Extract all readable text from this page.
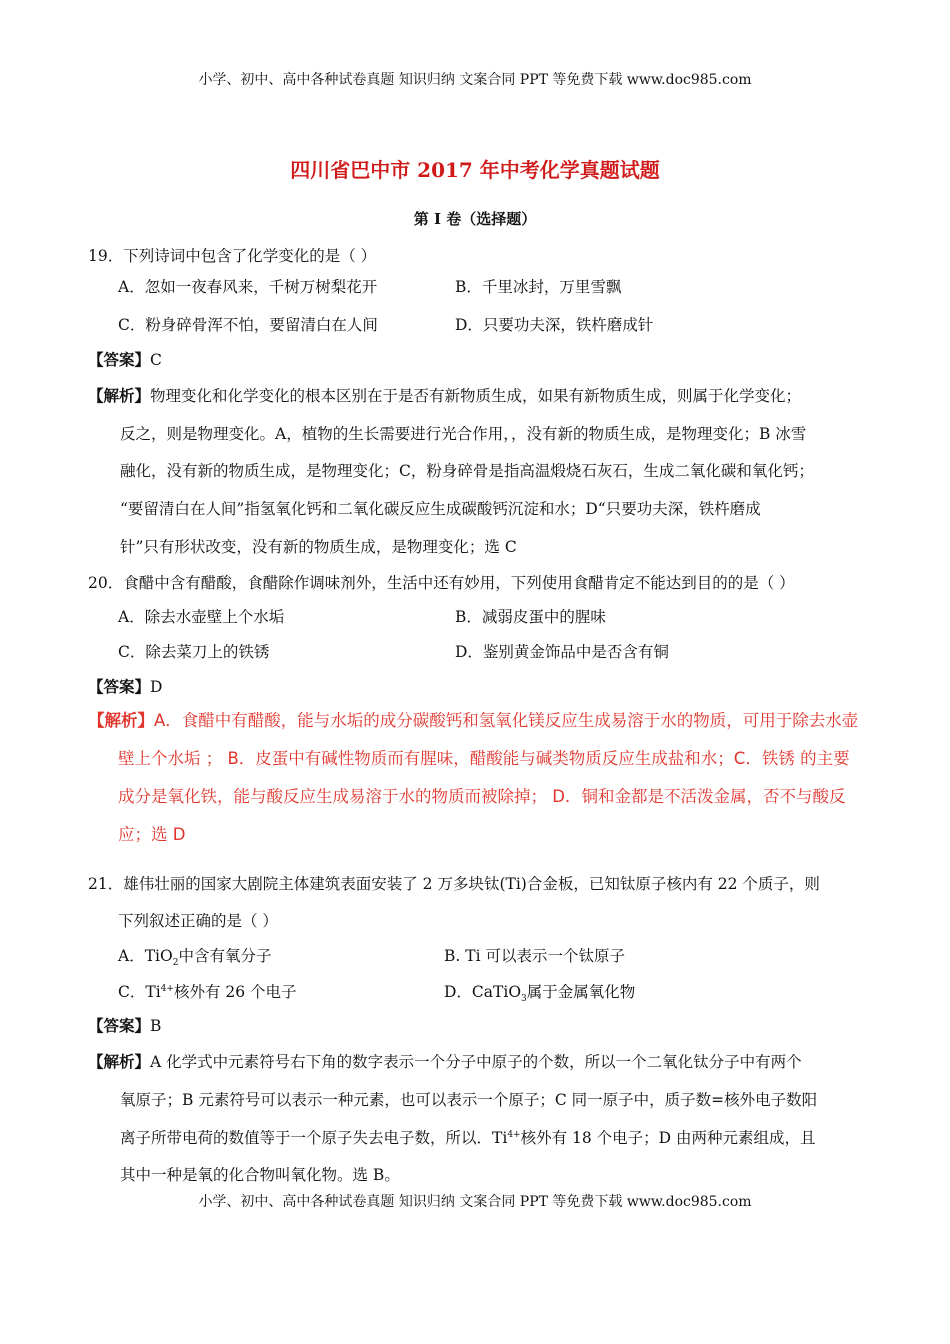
小学、初中、高中各种试卷真题 知识归纳 文案合同 PPT 等免费下载 www.doc985.com
四川省巴中市 2017 年中考化学真题试题
第 I 卷（选择题）
19．下列诗词中包含了化学变化的是（ ）
A．忽如一夜春风来，千树万树梨花开	B．千里冰封，万里雪飘
C．粉身碎骨浑不怕，要留清白在人间	D．只要功夫深，铁杵磨成针
【答案】C
【解析】物理变化和化学变化的根本区别在于是否有新物质生成，如果有新物质生成，则属于化学变化；
反之，则是物理变化。A，植物的生长需要进行光合作用，，没有新的物质生成，是物理变化；B 冰雪
融化，没有新的物质生成，是物理变化；C，粉身碎骨是指高温煅烧石灰石，生成二氧化碳和氧化钙；
“要留清白在人间”指氢氧化钙和二氧化碳反应生成碳酸钙沉淀和水；D“只要功夫深，铁杵磨成
针”只有形状改变，没有新的物质生成，是物理变化；选 C
20．食醋中含有醋酸，食醋除作调味剂外，生活中还有妙用，下列使用食醋肯定不能达到目的的是（ ）
A．除去水壶壁上个水垢	B．减弱皮蛋中的腥味
C．除去菜刀上的铁锈	D．鉴别黄金饰品中是否含有铜
【答案】D
【解析】A．食醋中有醋酸，能与水垢的成分碳酸钙和氢氧化镁反应生成易溶于水的物质，可用于除去水壶
壁上个水垢 ； B．皮蛋中有碱性物质而有腥味，醋酸能与碱类物质反应生成盐和水；C．铁锈 的主要
成分是氧化铁，能与酸反应生成易溶于水的物质而被除掉； D．铜和金都是不活泼金属，否不与酸反
应；选 D
21．雄伟壮丽的国家大剧院主体建筑表面安装了 2 万多块钛(Ti)合金板，已知钛原子核内有 22 个质子，则
下列叙述正确的是（ ）
A．TiO$_2$中含有氧分子	B. Ti 可以表示一个钛原子
C．$Ti^{4+}$核外有 26 个电子	D．CaTiO$_3$属于金属氧化物
【答案】B
【解析】A 化学式中元素符号右下角的数字表示一个分子中原子的个数，所以一个二氧化钛分子中有两个
氧原子；B 元素符号可以表示一种元素，也可以表示一个原子；C 同一原子中，质子数=核外电子数阳
离子所带电荷的数值等于一个原子失去电子数，所以．$Ti^{4+}$核外有 18 个电子；D 由两种元素组成，且
其中一种是氧的化合物叫氧化物。选 B。
小学、初中、高中各种试卷真题 知识归纳 文案合同 PPT 等免费下载 www.doc985.com
